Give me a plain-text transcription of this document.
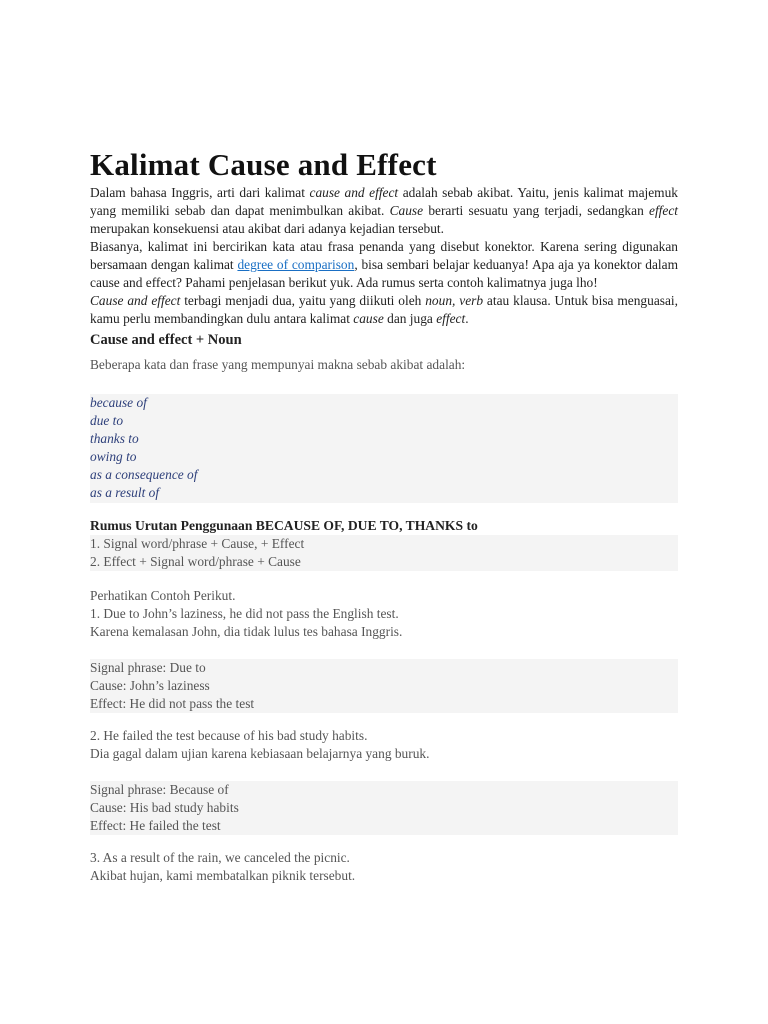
Kalimat Cause and Effect

Dalam bahasa Inggris, arti dari kalimat cause and effect adalah sebab akibat. Yaitu, jenis kalimat majemuk yang memiliki sebab dan dapat menimbulkan akibat. Cause berarti sesuatu yang terjadi, sedangkan effect merupakan konsekuensi atau akibat dari adanya kejadian tersebut.

Biasanya, kalimat ini bercirikan kata atau frasa penanda yang disebut konektor. Karena sering digunakan bersamaan dengan kalimat degree of comparison, bisa sembari belajar keduanya! Apa aja ya konektor dalam cause and effect? Pahami penjelasan berikut yuk. Ada rumus serta contoh kalimatnya juga lho!

Cause and effect terbagi menjadi dua, yaitu yang diikuti oleh noun, verb atau klausa. Untuk bisa menguasai, kamu perlu membandingkan dulu antara kalimat cause dan juga effect.

Cause and effect + Noun

Beberapa kata dan frase yang mempunyai makna sebab akibat adalah:

because of
due to
thanks to
owing to
as a consequence of
as a result of
Rumus Urutan Penggunaan BECAUSE OF, DUE TO, THANKS to
1. Signal word/phrase + Cause, + Effect
2. Effect + Signal word/phrase + Cause
Perhatikan Contoh Perikut.
1. Due to John’s laziness, he did not pass the English test.
Karena kemalasan John, dia tidak lulus tes bahasa Inggris.
Signal phrase: Due to
Cause: John’s laziness
Effect: He did not pass the test
2. He failed the test because of his bad study habits.
Dia gagal dalam ujian karena kebiasaan belajarnya yang buruk.
Signal phrase: Because of
Cause: His bad study habits
Effect: He failed the test
3. As a result of the rain, we canceled the picnic.
Akibat hujan, kami membatalkan piknik tersebut.
